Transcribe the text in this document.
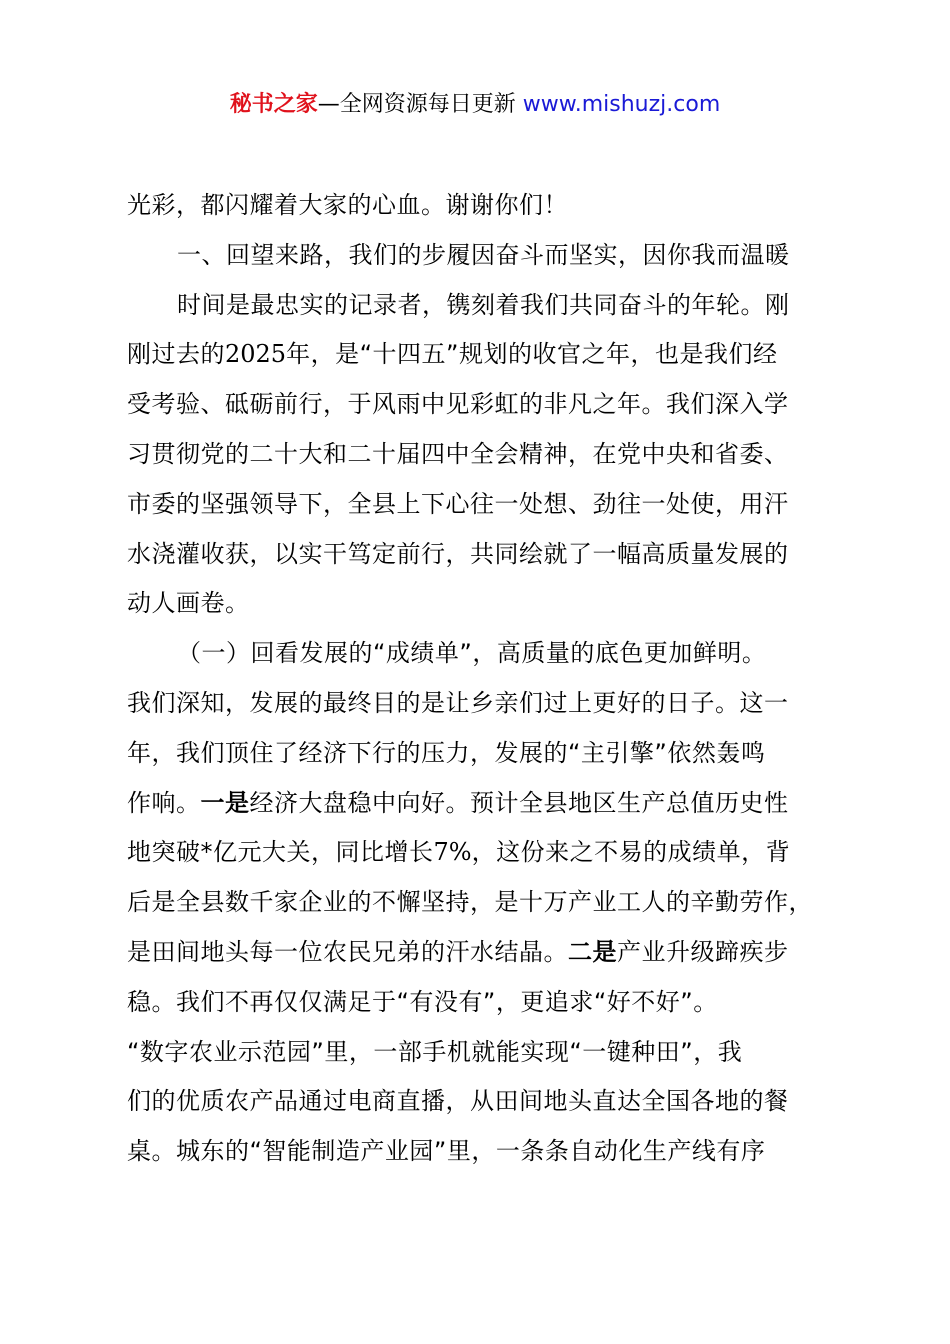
秘书之家—全网资源每日更新 www.mishuzj.com
光彩，都闪耀着大家的心血。谢谢你们！
一、回望来路，我们的步履因奋斗而坚实，因你我而温暖
时间是最忠实的记录者，镌刻着我们共同奋斗的年轮。刚
刚过去的2025年，是“十四五”规划的收官之年，也是我们经
受考验、砥砺前行，于风雨中见彩虹的非凡之年。我们深入学
习贯彻党的二十大和二十届四中全会精神，在党中央和省委、
市委的坚强领导下，全县上下心往一处想、劲往一处使，用汗
水浇灌收获，以实干笃定前行，共同绘就了一幅高质量发展的
动人画卷。
（一）回看发展的“成绩单”，高质量的底色更加鲜明。
我们深知，发展的最终目的是让乡亲们过上更好的日子。这一
年，我们顶住了经济下行的压力，发展的“主引擎”依然轰鸣
作响。一是经济大盘稳中向好。预计全县地区生产总值历史性
地突破*亿元大关，同比增长7%，这份来之不易的成绩单，背
后是全县数千家企业的不懈坚持，是十万产业工人的辛勤劳作，
是田间地头每一位农民兄弟的汗水结晶。二是产业升级蹄疾步
稳。我们不再仅仅满足于“有没有”，更追求“好不好”。
“数字农业示范园”里，一部手机就能实现“一键种田”，我
们的优质农产品通过电商直播，从田间地头直达全国各地的餐
桌。城东的“智能制造产业园”里，一条条自动化生产线有序
